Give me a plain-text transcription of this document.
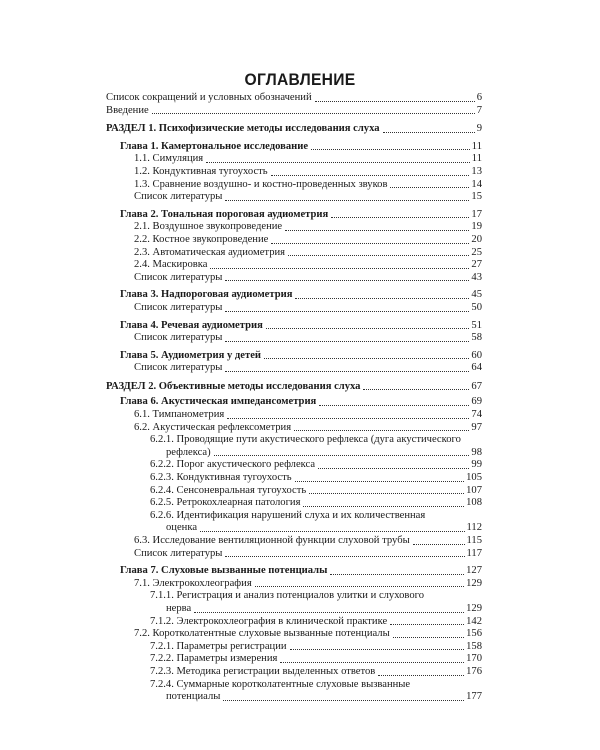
ОГЛАВЛЕНИЕ
Список сокращений и условных обозначений	6
Введение	7
РАЗДЕЛ 1. Психофизические методы исследования слуха	9
Глава 1. Камертональное исследование	11
1.1. Симуляция	11
1.2. Кондуктивная тугоухость	13
1.3. Сравнение воздушно- и костно-проведенных звуков	14
Список литературы	15
Глава 2. Тональная пороговая аудиометрия	17
2.1. Воздушное звукопроведение	19
2.2. Костное звукопроведение	20
2.3. Автоматическая аудиометрия	25
2.4. Маскировка	27
Список литературы	43
Глава 3. Надпороговая аудиометрия	45
Список литературы	50
Глава 4. Речевая аудиометрия	51
Список литературы	58
Глава 5. Аудиометрия у детей	60
Список литературы	64
РАЗДЕЛ 2. Объективные методы исследования слуха	67
Глава 6. Акустическая импедансометрия	69
6.1. Тимпанометрия	74
6.2. Акустическая рефлексометрия	97
6.2.1. Проводящие пути акустического рефлекса (дуга акустического
рефлекса)	98
6.2.2. Порог акустического рефлекса	99
6.2.3. Кондуктивная тугоухость	105
6.2.4. Сенсоневральная тугоухость	107
6.2.5. Ретрокохлеарная патология	108
6.2.6. Идентификация нарушений слуха и их количественная
оценка	112
6.3. Исследование вентиляционной функции слуховой трубы	115
Список литературы	117
Глава 7. Слуховые вызванные потенциалы	127
7.1. Электрокохлеография	129
7.1.1. Регистрация и анализ потенциалов улитки и слухового
нерва	129
7.1.2. Электрокохлеография в клинической практике	142
7.2. Коротколатентные слуховые вызванные потенциалы	156
7.2.1. Параметры регистрации	158
7.2.2. Параметры измерения	170
7.2.3. Методика регистрации выделенных ответов	176
7.2.4. Суммарные коротколатентные слуховые вызванные
потенциалы	177
